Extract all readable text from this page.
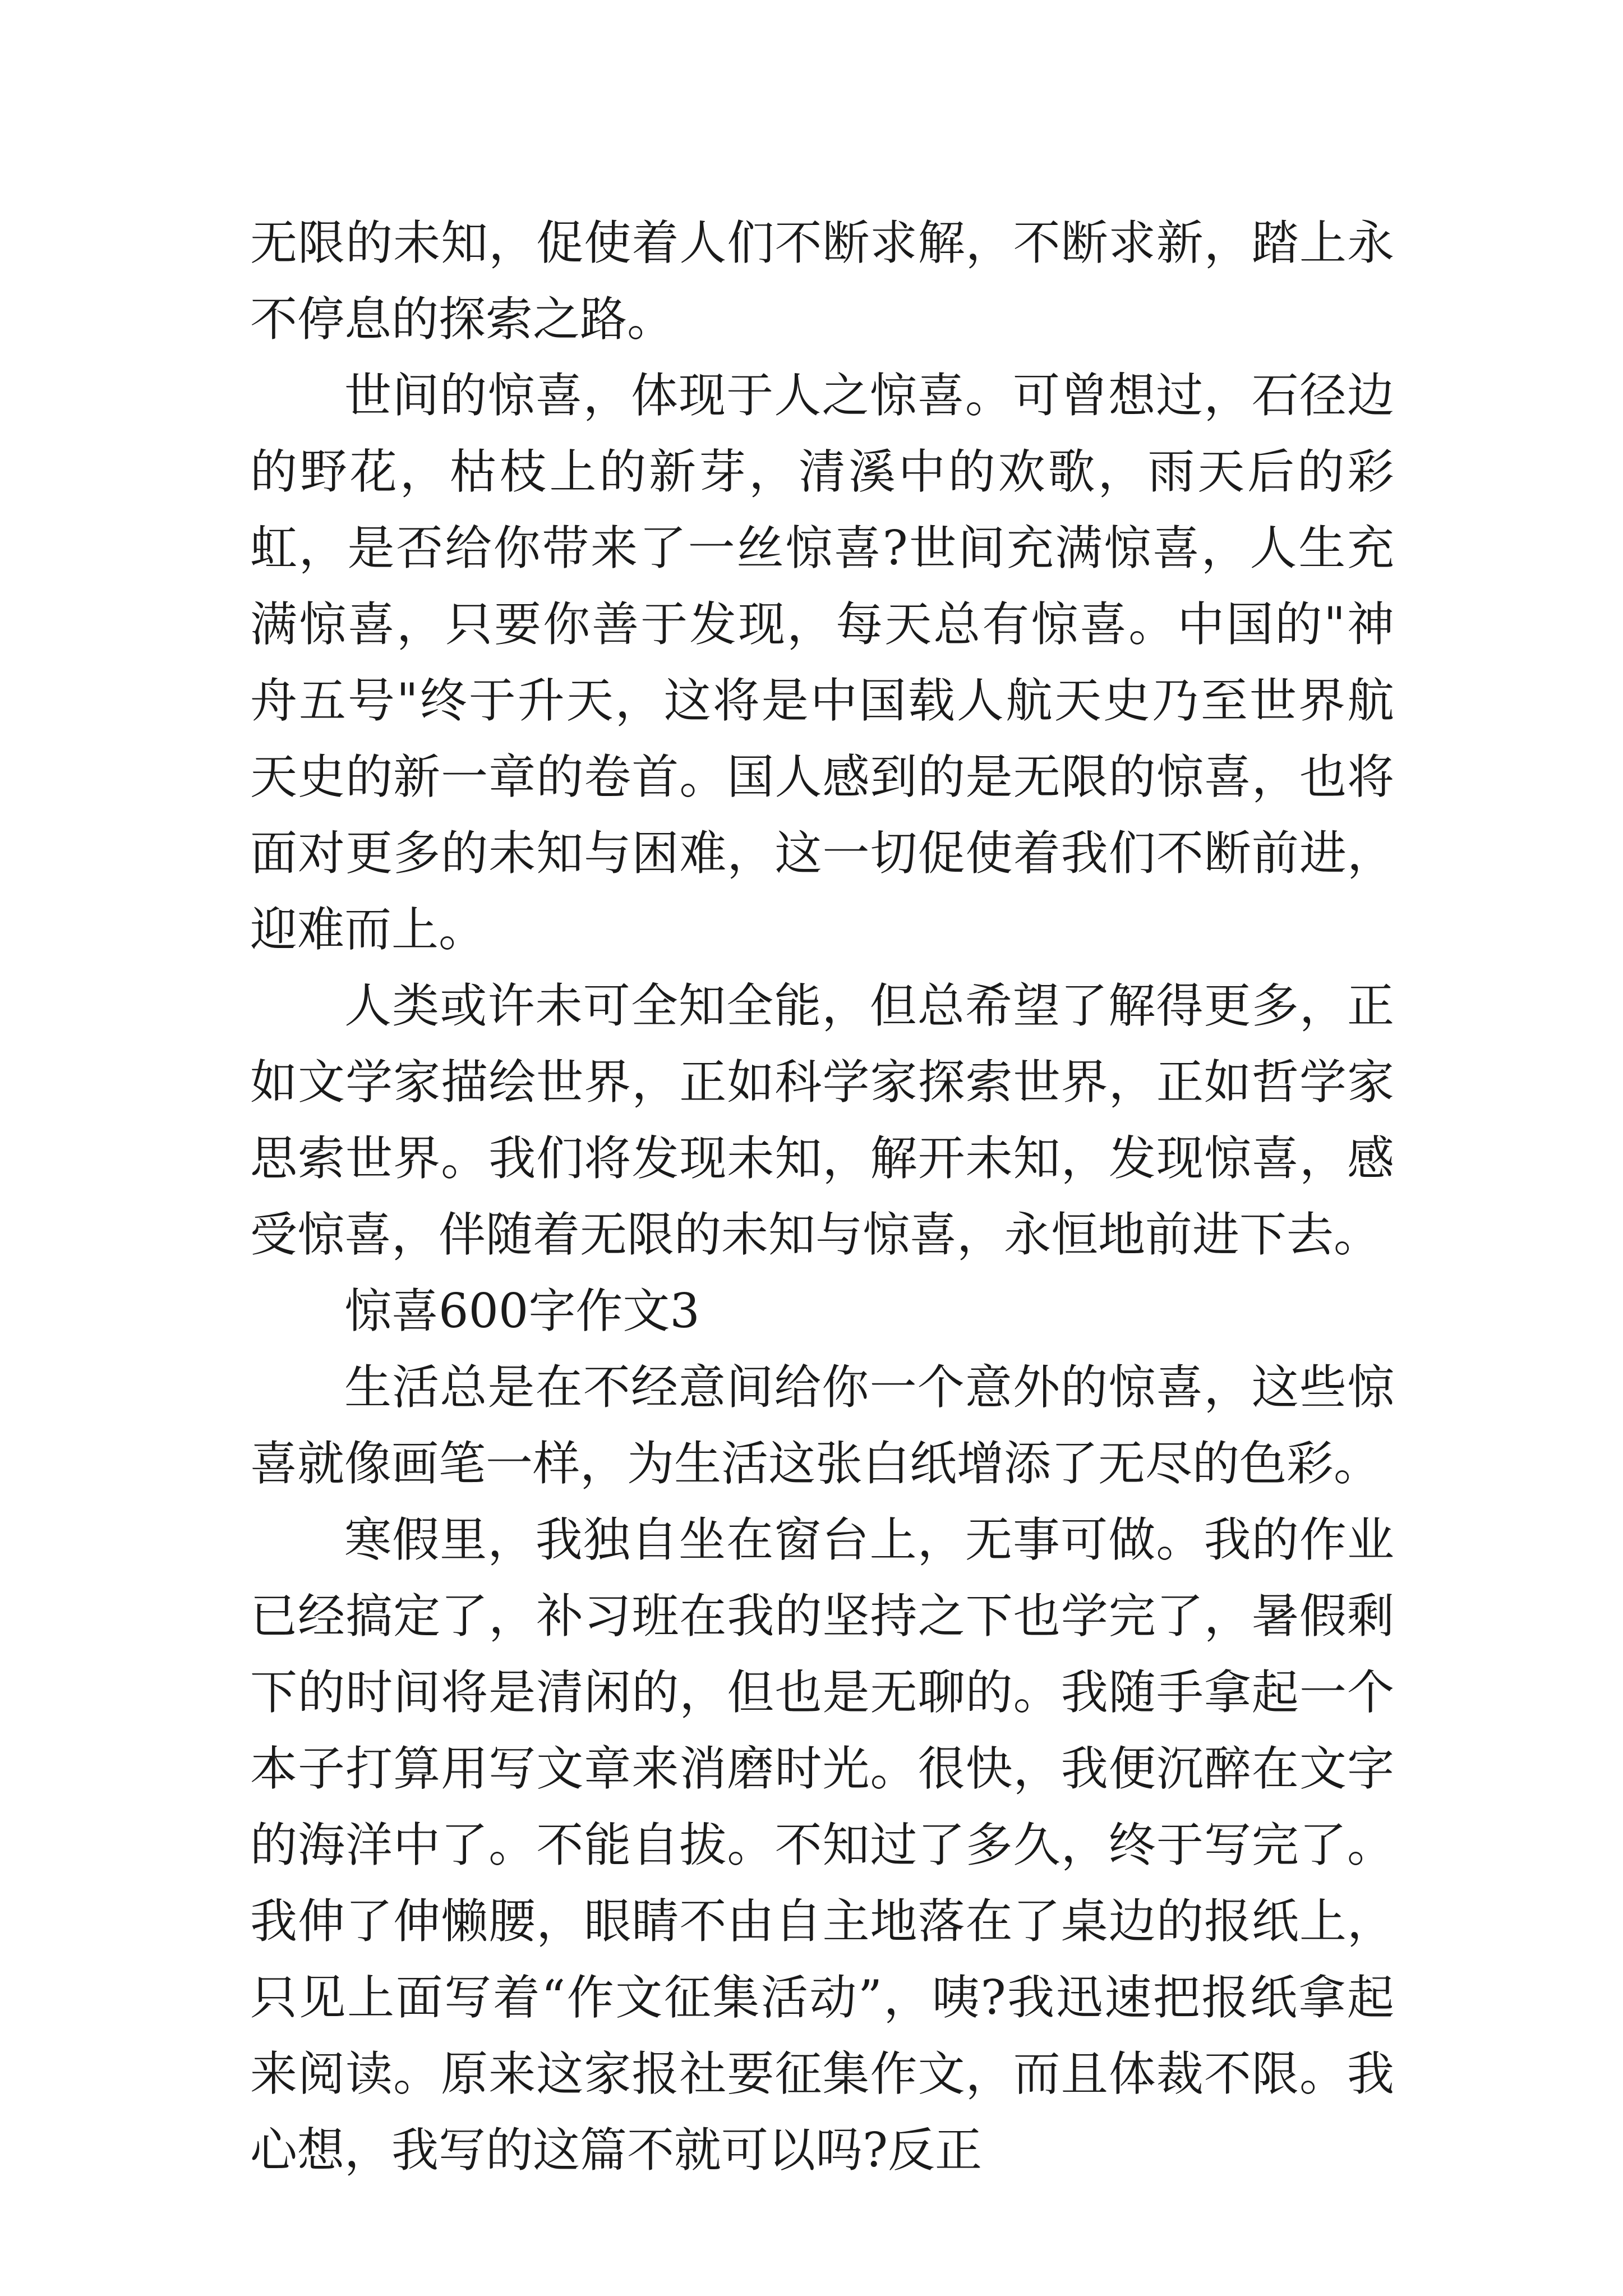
无限的未知，促使着人们不断求解，不断求新，踏上永不停息的探索之路。

世间的惊喜，体现于人之惊喜。可曾想过，石径边的野花，枯枝上的新芽，清溪中的欢歌，雨天后的彩虹，是否给你带来了一丝惊喜?世间充满惊喜，人生充满惊喜，只要你善于发现，每天总有惊喜。中国的"神舟五号"终于升天，这将是中国载人航天史乃至世界航天史的新一章的卷首。国人感到的是无限的惊喜，也将面对更多的未知与困难，这一切促使着我们不断前进，迎难而上。

人类或许未可全知全能，但总希望了解得更多，正如文学家描绘世界，正如科学家探索世界，正如哲学家思索世界。我们将发现未知，解开未知，发现惊喜，感受惊喜，伴随着无限的未知与惊喜，永恒地前进下去。

惊喜600字作文3

生活总是在不经意间给你一个意外的惊喜，这些惊喜就像画笔一样，为生活这张白纸增添了无尽的色彩。

寒假里，我独自坐在窗台上，无事可做。我的作业已经搞定了，补习班在我的坚持之下也学完了，暑假剩下的时间将是清闲的，但也是无聊的。我随手拿起一个本子打算用写文章来消磨时光。很快，我便沉醉在文字的海洋中了。不能自拔。不知过了多久，终于写完了。我伸了伸懒腰，眼睛不由自主地落在了桌边的报纸上，只见上面写着“作文征集活动”，咦?我迅速把报纸拿起来阅读。原来这家报社要征集作文，而且体裁不限。我心想，我写的这篇不就可以吗?反正
